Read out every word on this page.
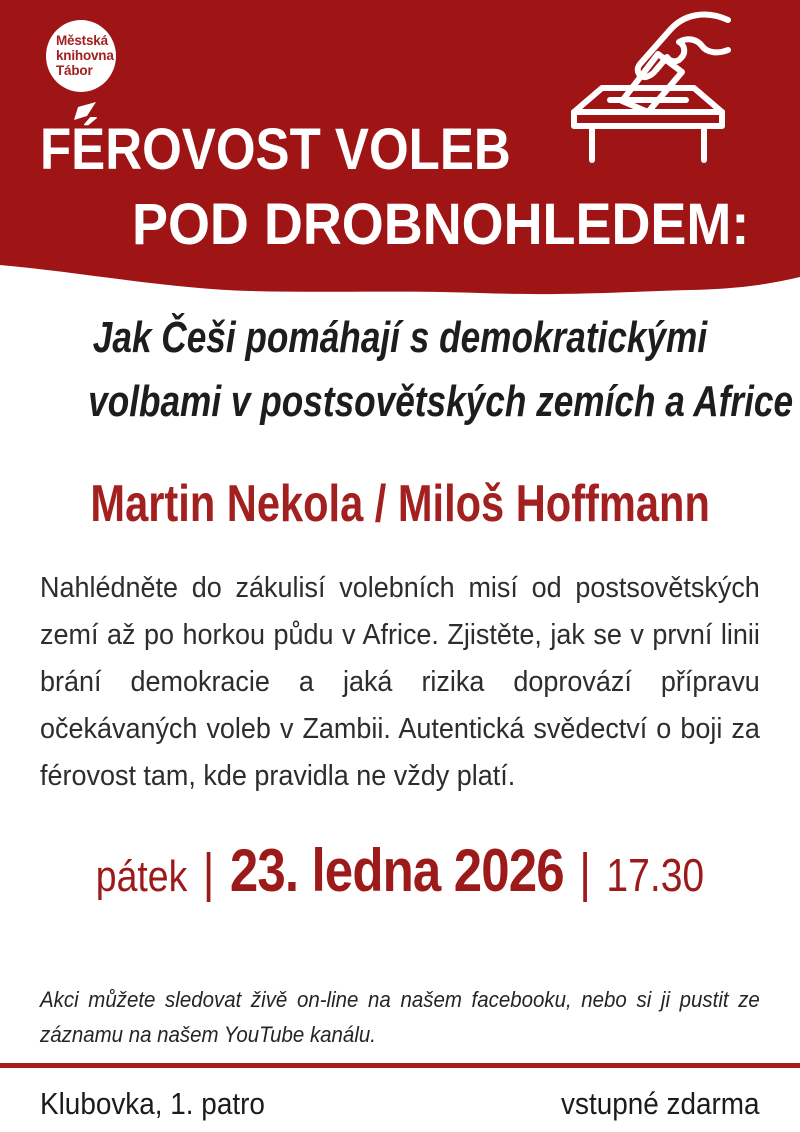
Městská
knihovna
Tábor
FÉROVOST VOLEB
POD DROBNOHLEDEM:
Jak Češi pomáhají s demokratickými
volbami v postsovětských zemích a Africe
Martin Nekola / Miloš Hoffmann
Nahlédněte do zákulisí volebních misí od postsovětských
zemí až po horkou půdu v Africe. Zjistěte, jak se v první linii
brání demokracie a jaká rizika doprovází přípravu
očekávaných voleb v Zambii. Autentická svědectví o boji za
férovost tam, kde pravidla ne vždy platí.
pátek | 23. ledna 2026 | 17.30
Akci můžete sledovat živě on-line na našem facebooku, nebo si ji pustit ze
záznamu na našem YouTube kanálu.
Klubovka, 1. patro	vstupné zdarma
